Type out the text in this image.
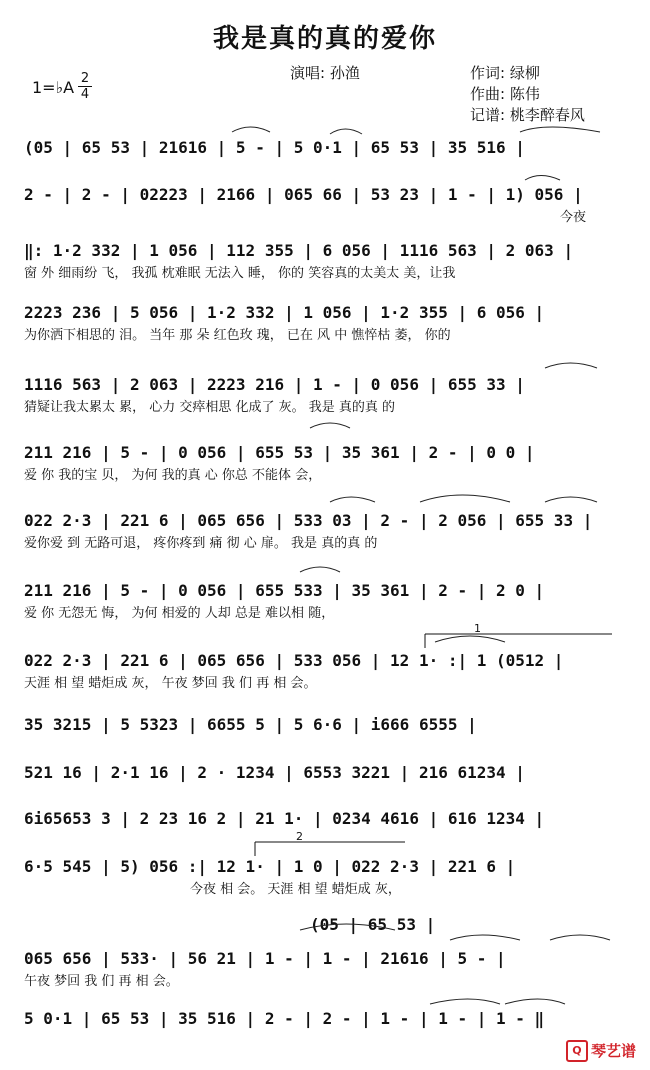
我是真的真的爱你
演唱: 孙渔	作词: 绿柳
作曲: 陈伟
记谱: 桃李醉春风
1=♭A 2
4
(05 | 65 53 | 21616 | 5 - | 5 0·1 | 65 53 | 35 516 |
2 - | 2 - | 02223 | 2166 | 065 66 | 53 23 | 1 - | 1) 056 |
今夜
‖: 1·2 332 | 1 056 | 112 355 | 6 056 | 1116 563 | 2 063 |
窗 外 细雨纷 飞， 我孤 枕难眠 无法入 睡， 你的 笑容真的太美太 美，让我
2223 236 | 5 056 | 1·2 332 | 1 056 | 1·2 355 | 6 056 |
为你洒下相思的 泪。 当年 那 朵 红色玫 瑰， 已在 风 中 憔悴枯 萎， 你的
1116 563 | 2 063 | 2223 216 | 1 - | 0 056 | 655 33 |
猜疑让我太累太 累， 心力 交瘁相思 化成了 灰。 我是 真的真 的
211 216 | 5 - | 0 056 | 655 53 | 35 361 | 2 - | 0 0 |
爱 你 我的宝 贝， 为何 我的真 心 你总 不能体 会，
022 2·3 | 221 6 | 065 656 | 533 03 | 2 - | 2 056 | 655 33 |
爱你爱 到 无路可退， 疼你疼到 痛 彻 心 扉。 我是 真的真 的
211 216 | 5 - | 0 056 | 655 533 | 35 361 | 2 - | 2 0 |
爱 你 无怨无 悔， 为何 相爱的 人却 总是 难以相 随，
022 2·3 | 221 6 | 065 656 | 533 056 | 12 1· :| 1 (0512 |
天涯 相 望 蜡炬成 灰， 午夜 梦回 我 们 再 相 会。
35 3215 | 5 5323 | 6655 5 | 5 6·6 | i666 6555 |
521 16 | 2·1 16 | 2 · 1234 | 6553 3221 | 216 61234 |
6i65653 3 | 2 23 16 2 | 21 1· | 0234 4616 | 616 1234 |
6·5 545 | 5) 056 :| 12 1· | 1 0 | 022 2·3 | 221 6 |
今夜 相 会。 天涯 相 望 蜡炬成 灰，
(05 | 65 53 |
065 656 | 533· | 56 21 | 1 - | 1 - | 21616 | 5 - |
午夜 梦回 我 们 再 相 会。
5 0·1 | 65 53 | 35 516 | 2 - | 2 - | 1 - | 1 - | 1 - ‖
1
2
Q 琴艺谱
